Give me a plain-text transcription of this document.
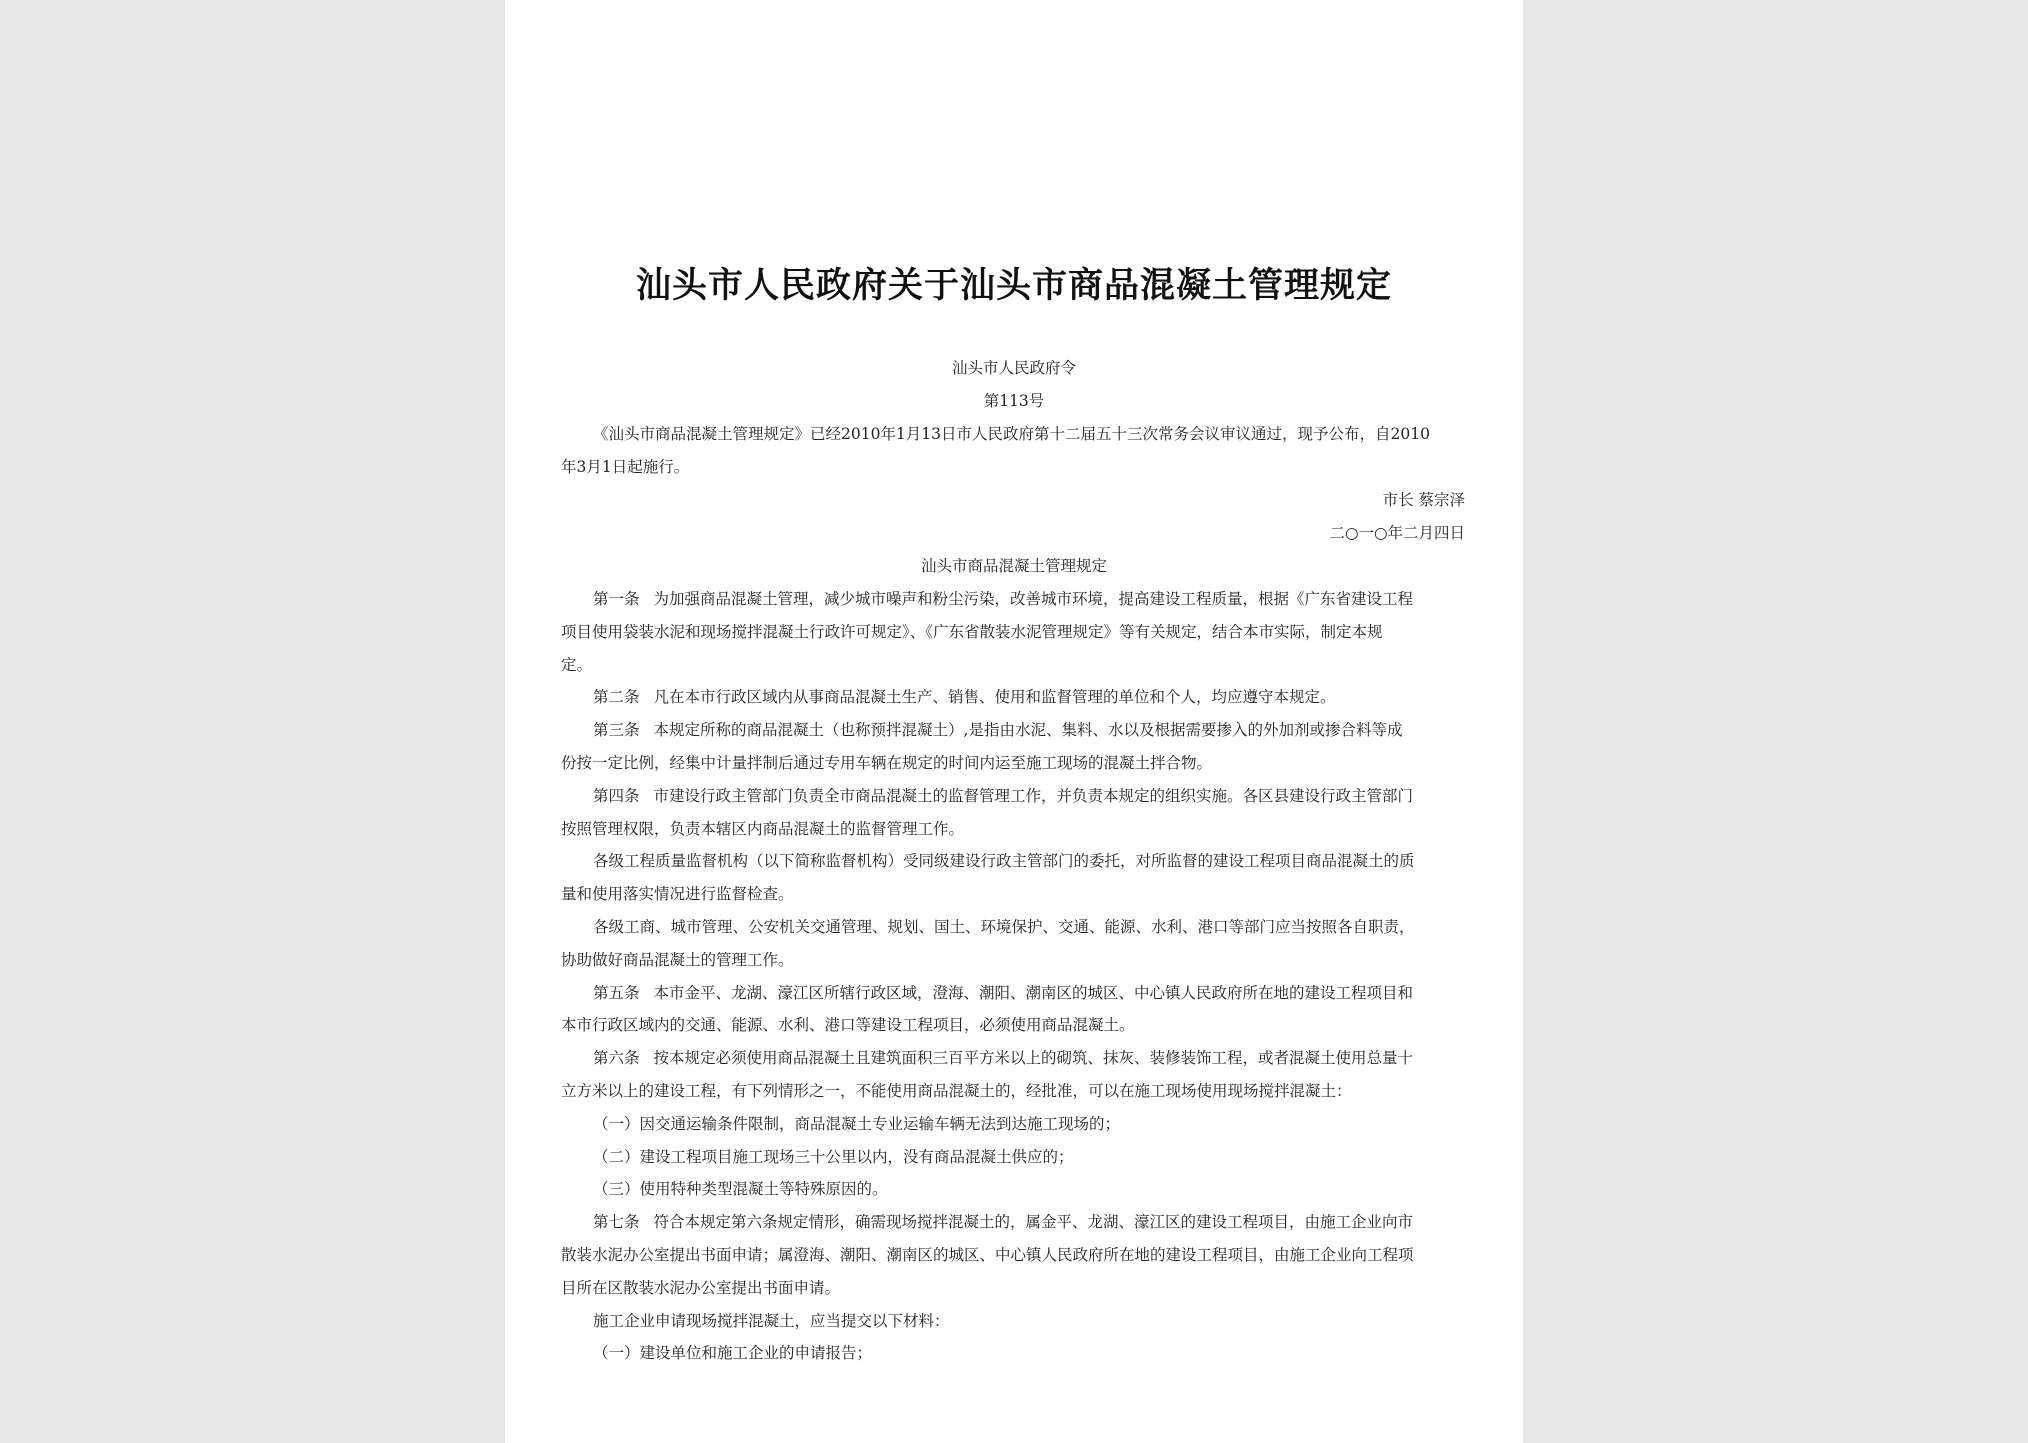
汕头市人民政府关于汕头市商品混凝土管理规定
汕头市人民政府令
第113号
《汕头市商品混凝土管理规定》已经2010年1月13日市人民政府第十二届五十三次常务会议审议通过，现予公布，自2010
年3月1日起施行。
市长 蔡宗泽
二○一○年二月四日
汕头市商品混凝土管理规定
第一条 为加强商品混凝土管理，减少城市噪声和粉尘污染，改善城市环境，提高建设工程质量，根据《广东省建设工程
项目使用袋装水泥和现场搅拌混凝土行政许可规定》、《广东省散装水泥管理规定》等有关规定，结合本市实际，制定本规
定。
第二条 凡在本市行政区域内从事商品混凝土生产、销售、使用和监督管理的单位和个人，均应遵守本规定。
第三条 本规定所称的商品混凝土（也称预拌混凝土）,是指由水泥、集料、水以及根据需要掺入的外加剂或掺合料等成
份按一定比例，经集中计量拌制后通过专用车辆在规定的时间内运至施工现场的混凝土拌合物。
第四条 市建设行政主管部门负责全市商品混凝土的监督管理工作，并负责本规定的组织实施。各区县建设行政主管部门
按照管理权限，负责本辖区内商品混凝土的监督管理工作。
各级工程质量监督机构（以下简称监督机构）受同级建设行政主管部门的委托，对所监督的建设工程项目商品混凝土的质
量和使用落实情况进行监督检查。
各级工商、城市管理、公安机关交通管理、规划、国土、环境保护、交通、能源、水利、港口等部门应当按照各自职责，
协助做好商品混凝土的管理工作。
第五条 本市金平、龙湖、濠江区所辖行政区域，澄海、潮阳、潮南区的城区、中心镇人民政府所在地的建设工程项目和
本市行政区域内的交通、能源、水利、港口等建设工程项目，必须使用商品混凝土。
第六条 按本规定必须使用商品混凝土且建筑面积三百平方米以上的砌筑、抹灰、装修装饰工程，或者混凝土使用总量十
立方米以上的建设工程，有下列情形之一，不能使用商品混凝土的，经批准，可以在施工现场使用现场搅拌混凝土：
（一）因交通运输条件限制，商品混凝土专业运输车辆无法到达施工现场的；
（二）建设工程项目施工现场三十公里以内，没有商品混凝土供应的；
（三）使用特种类型混凝土等特殊原因的。
第七条 符合本规定第六条规定情形，确需现场搅拌混凝土的，属金平、龙湖、濠江区的建设工程项目，由施工企业向市
散装水泥办公室提出书面申请；属澄海、潮阳、潮南区的城区、中心镇人民政府所在地的建设工程项目，由施工企业向工程项
目所在区散装水泥办公室提出书面申请。
施工企业申请现场搅拌混凝土，应当提交以下材料：
（一）建设单位和施工企业的申请报告；
